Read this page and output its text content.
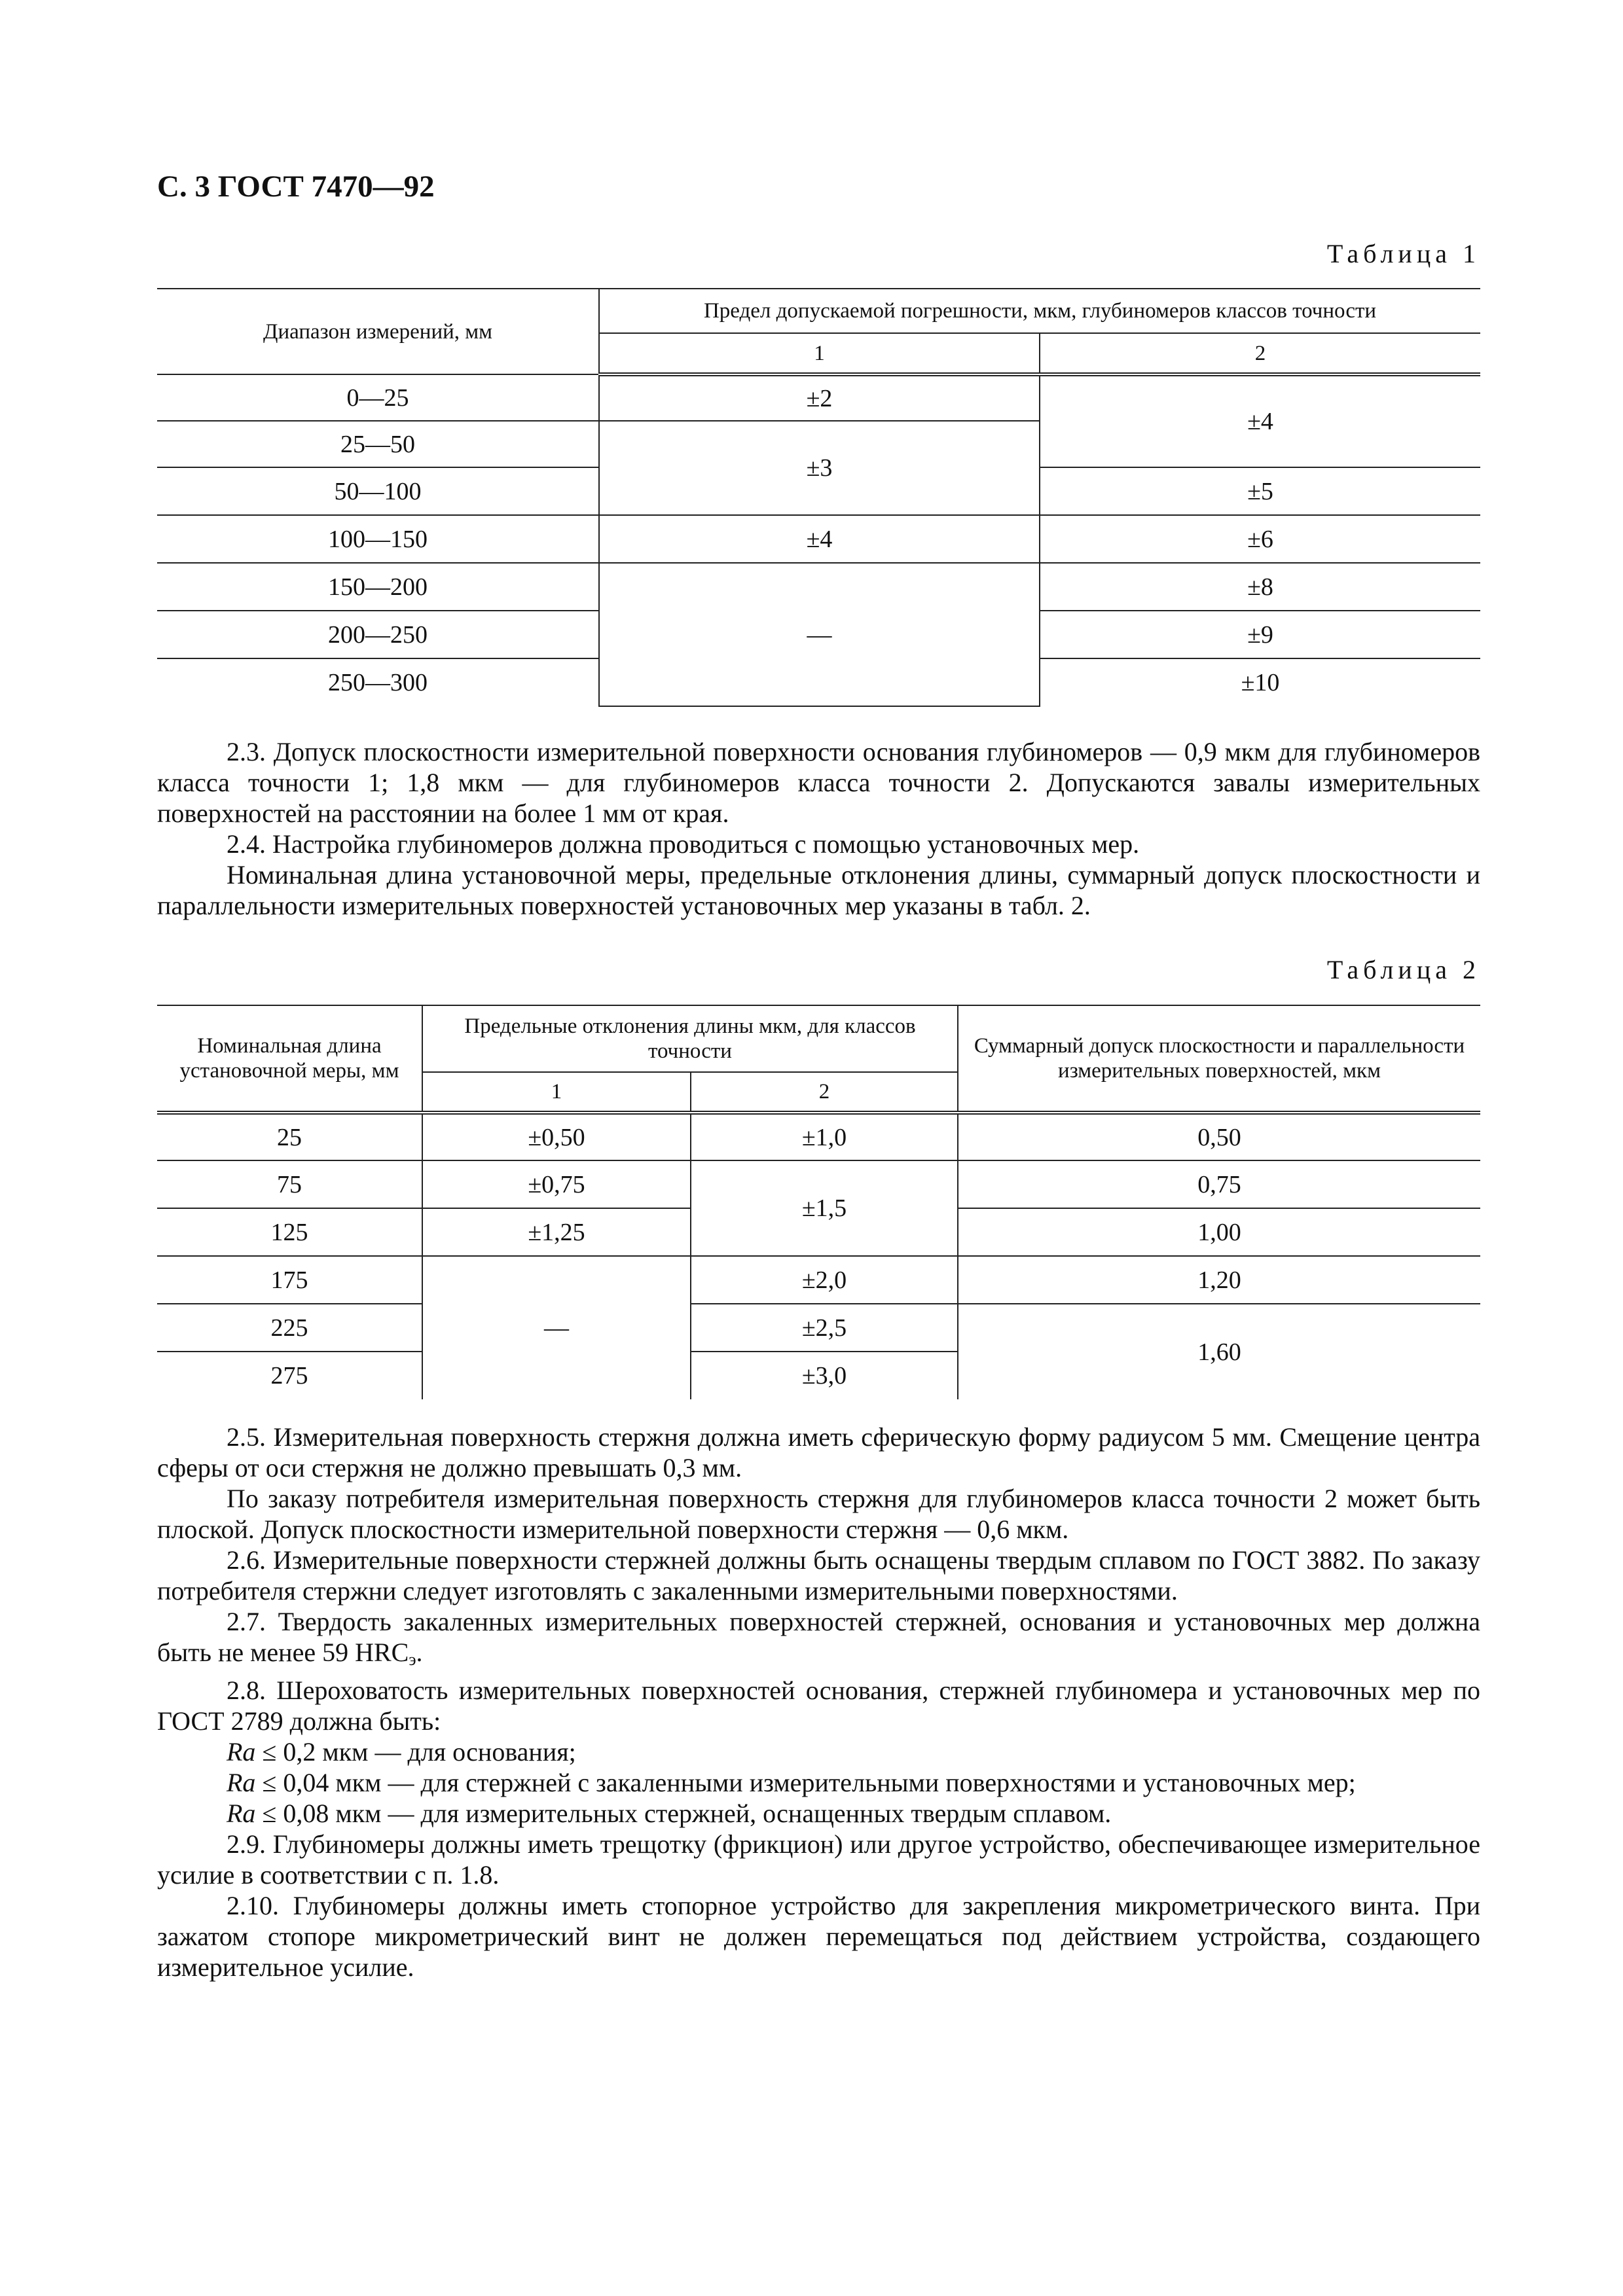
С. 3 ГОСТ 7470—92
Таблица 1
Диапазон измерений, мм	Предел допускаемой погрешности, мкм, глубиномеров классов точности	
	1	2
0—25	±2	±4
25—50	±3	
50—100		±5
100—150	±4	±6
150—200	—	±8
200—250		±9
250—300		±10

2.3. Допуск плоскостности измерительной поверхности основания глубиномеров — 0,9 мкм для глубиномеров класса точности 1; 1,8 мкм — для глубиномеров класса точности 2. Допускаются завалы измерительных поверхностей на расстоянии на более 1 мм от края.

2.4. Настройка глубиномеров должна проводиться с помощью установочных мер.

Номинальная длина установочной меры, предельные отклонения длины, суммарный допуск плоскостности и параллельности измерительных поверхностей установочных мер указаны в табл. 2.

Таблица 2
Номинальная длина установочной меры, мм	Предельные отклонения длины мкм, для классов точности		Суммарный допуск плоскостности и параллельности измерительных поверхностей, мкм
	1	2	
25	±0,50	±1,0	0,50
75	±0,75	±1,5	0,75
125	±1,25		1,00
175	—	±2,0	1,20
225		±2,5	1,60
275		±3,0	

2.5. Измерительная поверхность стержня должна иметь сферическую форму радиусом 5 мм. Смещение центра сферы от оси стержня не должно превышать 0,3 мм.

По заказу потребителя измерительная поверхность стержня для глубиномеров класса точности 2 может быть плоской. Допуск плоскостности измерительной поверхности стержня — 0,6 мкм.

2.6. Измерительные поверхности стержней должны быть оснащены твердым сплавом по ГОСТ 3882. По заказу потребителя стержни следует изготовлять с закаленными измерительными поверхностями.

2.7. Твердость закаленных измерительных поверхностей стержней, основания и установочных мер должна быть не менее 59 $HRC_э$.

2.8. Шероховатость измерительных поверхностей основания, стержней глубиномера и установочных мер по ГОСТ 2789 должна быть:

Ra ≤ 0,2 мкм — для основания;

Ra ≤ 0,04 мкм — для стержней с закаленными измерительными поверхностями и установочных мер;

Ra ≤ 0,08 мкм — для измерительных стержней, оснащенных твердым сплавом.

2.9. Глубиномеры должны иметь трещотку (фрикцион) или другое устройство, обеспечивающее измерительное усилие в соответствии с п. 1.8.

2.10. Глубиномеры должны иметь стопорное устройство для закрепления микрометрического винта. При зажатом стопоре микрометрический винт не должен перемещаться под действием устройства, создающего измерительное усилие.
